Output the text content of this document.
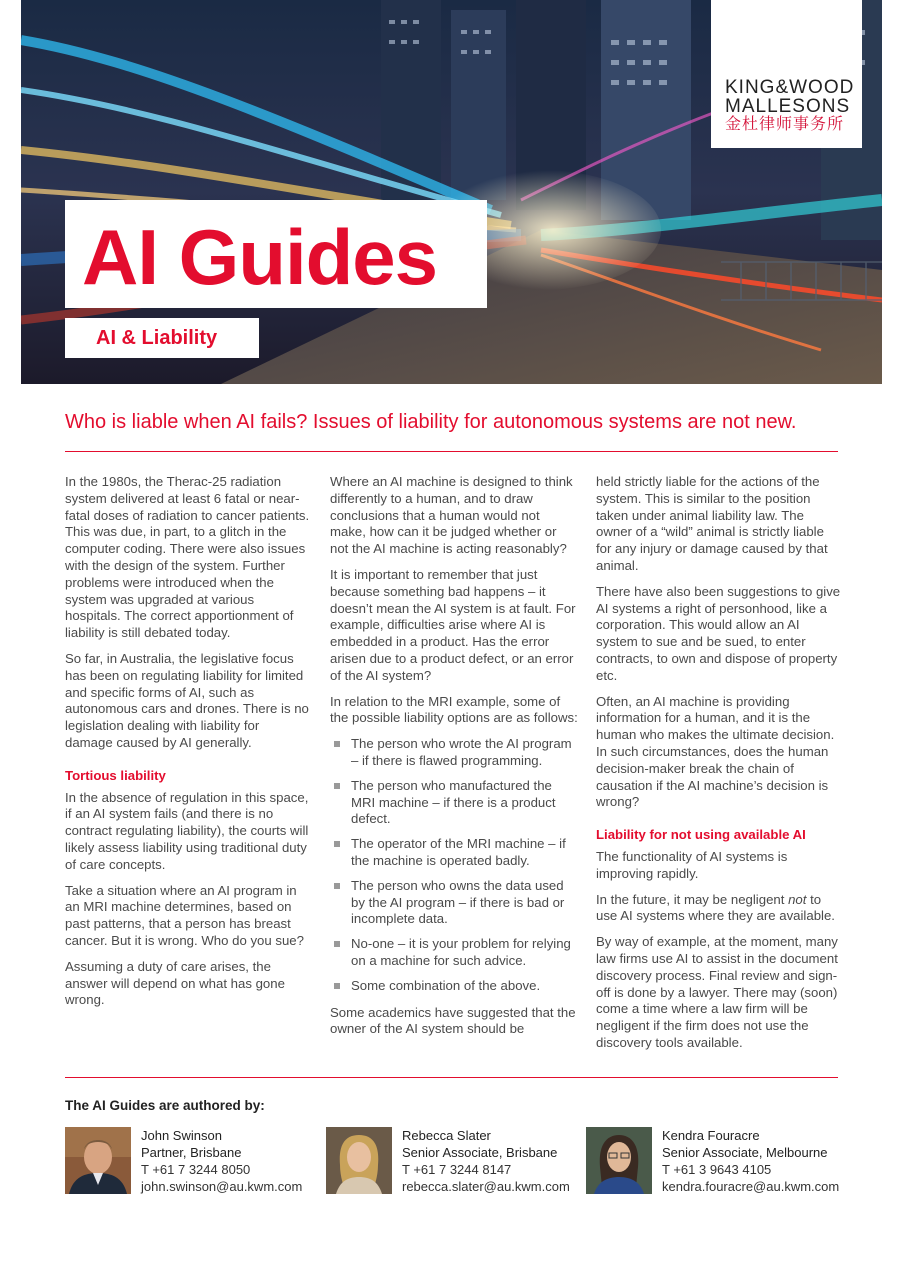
KING&WOOD
MALLESONS
金杜律师事务所
AI Guides
AI & Liability
Who is liable when AI fails? Issues of liability for autonomous systems are not new.

In the 1980s, the Therac-25 radiation system delivered at least 6 fatal or near-fatal doses of radiation to cancer patients. This was due, in part, to a glitch in the computer coding. There were also issues with the design of the system. Further problems were introduced when the system was upgraded at various hospitals. The correct apportionment of liability is still debated today.

So far, in Australia, the legislative focus has been on regulating liability for limited and specific forms of AI, such as autonomous cars and drones. There is no legislation dealing with liability for damage caused by AI generally.

Tortious liability

In the absence of regulation in this space, if an AI system fails (and there is no contract regulating liability), the courts will likely assess liability using traditional duty of care concepts.

Take a situation where an AI program in an MRI machine determines, based on past patterns, that a person has breast cancer. But it is wrong. Who do you sue?

Assuming a duty of care arises, the answer will depend on what has gone wrong.

Where an AI machine is designed to think differently to a human, and to draw conclusions that a human would not make, how can it be judged whether or not the AI machine is acting reasonably?

It is important to remember that just because something bad happens – it doesn’t mean the AI system is at fault. For example, difficulties arise where AI is embedded in a product. Has the error arisen due to a product defect, or an error of the AI system?

In relation to the MRI example, some of the possible liability options are as follows:

The person who wrote the AI program – if there is flawed programming.
The person who manufactured the MRI machine – if there is a product defect.
The operator of the MRI machine – if the machine is operated badly.
The person who owns the data used by the AI program – if there is bad or incomplete data.
No-one – it is your problem for relying on a machine for such advice.
Some combination of the above.

Some academics have suggested that the owner of the AI system should be

held strictly liable for the actions of the system. This is similar to the position taken under animal liability law. The owner of a “wild” animal is strictly liable for any injury or damage caused by that animal.

There have also been suggestions to give AI systems a right of personhood, like a corporation. This would allow an AI system to sue and be sued, to enter contracts, to own and dispose of property etc.

Often, an AI machine is providing information for a human, and it is the human who makes the ultimate decision. In such circumstances, does the human decision-maker break the chain of causation if the AI machine’s decision is wrong?

Liability for not using available AI

The functionality of AI systems is improving rapidly.

In the future, it may be negligent not to use AI systems where they are available.

By way of example, at the moment, many law firms use AI to assist in the document discovery process. Final review and sign-off is done by a lawyer. There may (soon) come a time where a law firm will be negligent if the firm does not use the discovery tools available.

The AI Guides are authored by:
John Swinson
Partner, Brisbane
T +61 7 3244 8050
john.swinson@au.kwm.com
Rebecca Slater
Senior Associate, Brisbane
T +61 7 3244 8147
rebecca.slater@au.kwm.com
Kendra Fouracre
Senior Associate, Melbourne
T +61 3 9643 4105
kendra.fouracre@au.kwm.com
